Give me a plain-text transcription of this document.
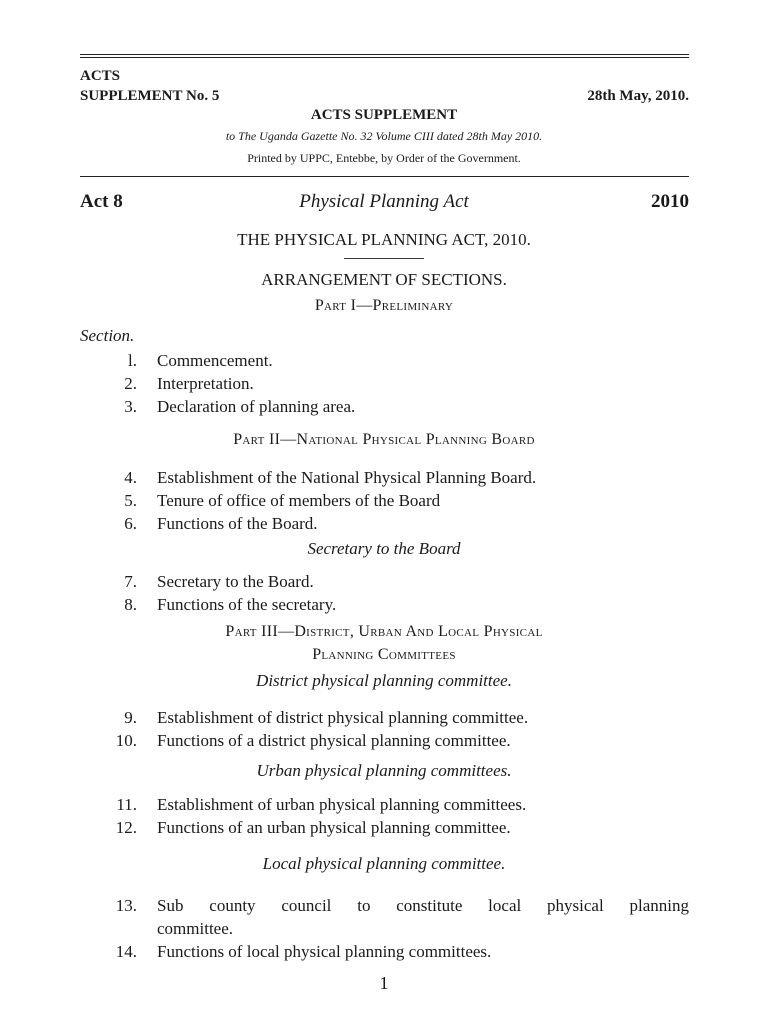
ACTS
SUPPLEMENT No. 5	28th May, 2010.
ACTS SUPPLEMENT
to The Uganda Gazette No. 32 Volume CIII dated 28th May 2010.
Printed by UPPC, Entebbe, by Order of the Government.
Act 8	Physical Planning Act	2010
THE PHYSICAL PLANNING ACT, 2010.
ARRANGEMENT OF SECTIONS.
Part I—Preliminary
Section.
l. Commencement.
2. Interpretation.
3. Declaration of planning area.
Part II—National Physical Planning Board
4. Establishment of the National Physical Planning Board.
5. Tenure of office of members of the Board
6. Functions of the Board.
Secretary to the Board
7. Secretary to the Board.
8. Functions of the secretary.
Part III—District, Urban And Local Physical
Planning Committees
District physical planning committee.
9. Establishment of district physical planning committee.
10. Functions of a district physical planning committee.
Urban physical planning committees.
11. Establishment of urban physical planning committees.
12. Functions of an urban physical planning committee.
Local physical planning committee.
13. Sub county council to constitute local physical planning
committee.
14. Functions of local physical planning committees.
1
